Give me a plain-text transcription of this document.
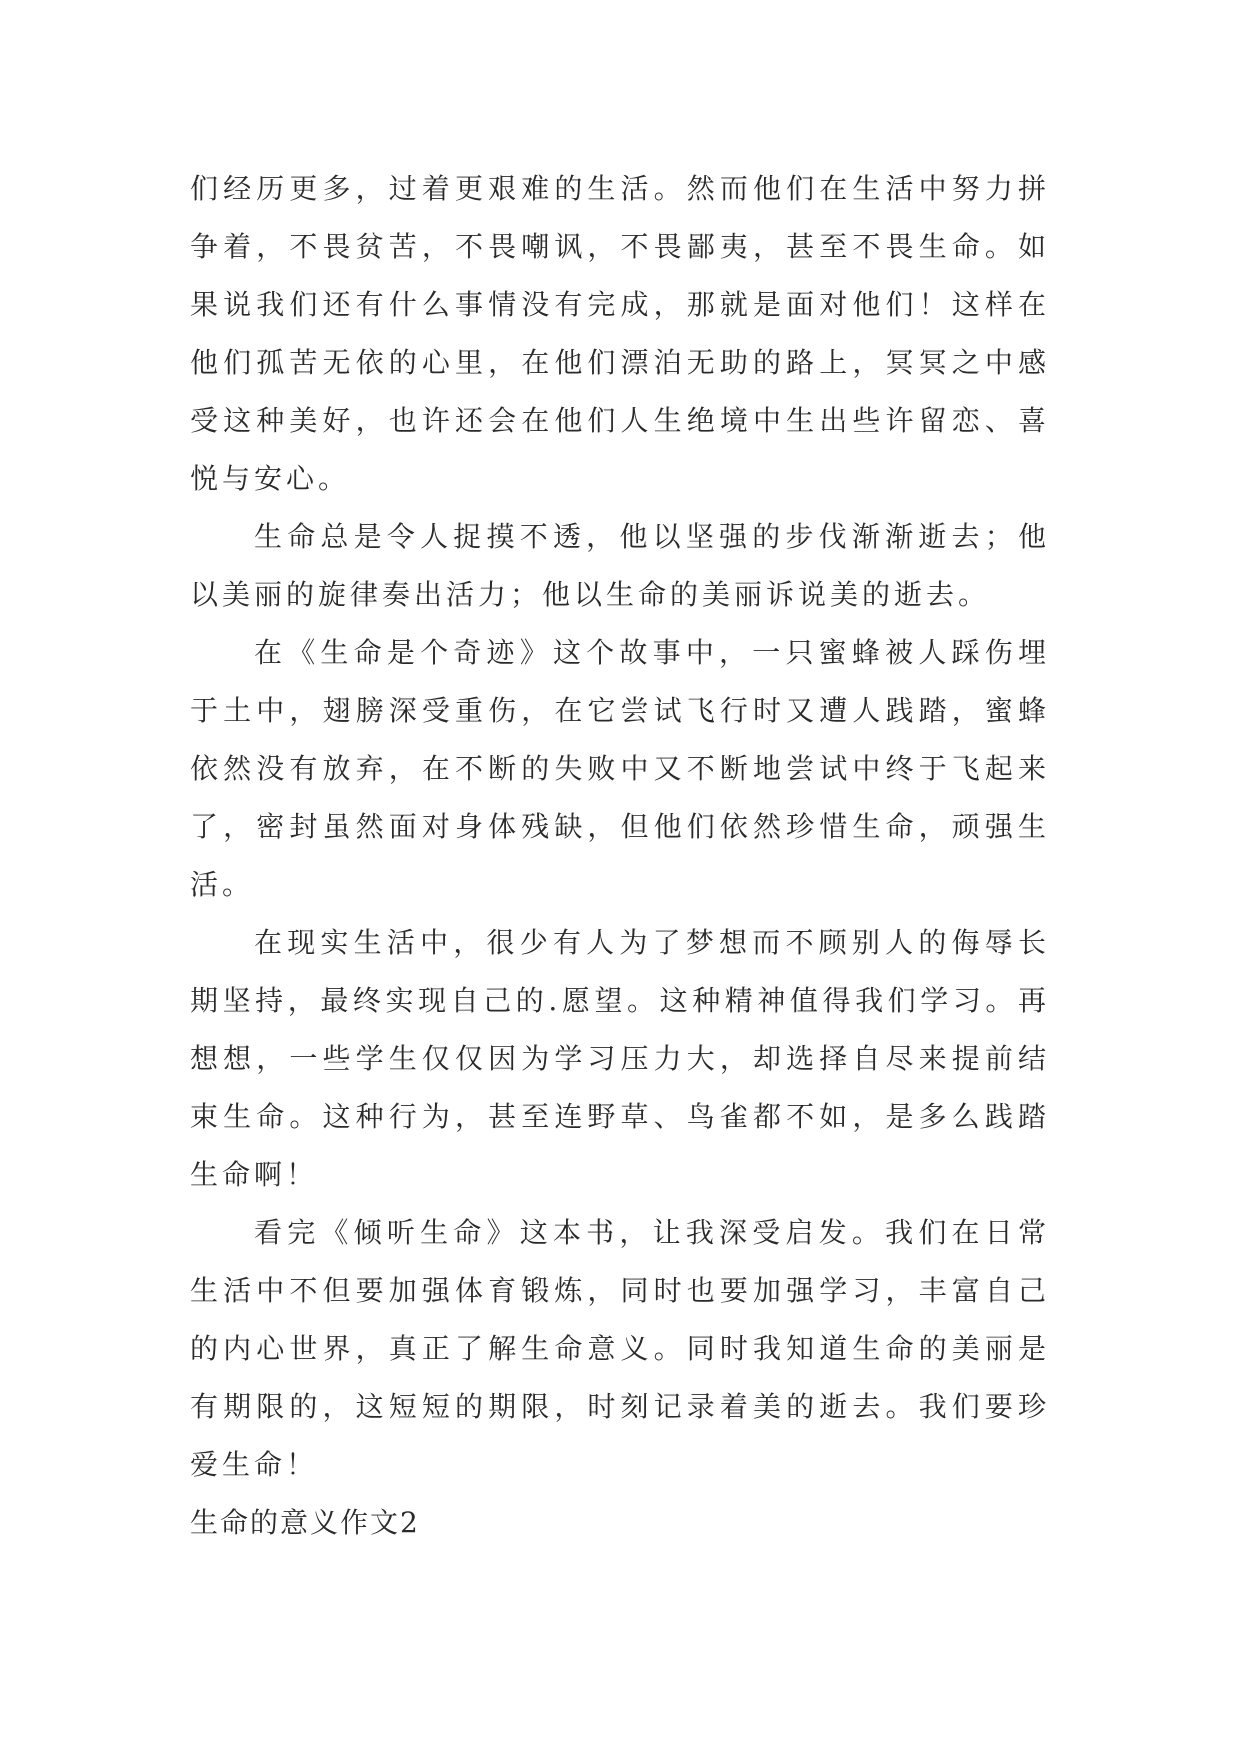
们经历更多，过着更艰难的生活。然而他们在生活中努力拼争着，不畏贫苦，不畏嘲讽，不畏鄙夷，甚至不畏生命。如果说我们还有什么事情没有完成，那就是面对他们！这样在他们孤苦无依的心里，在他们漂泊无助的路上，冥冥之中感受这种美好，也许还会在他们人生绝境中生出些许留恋、喜悦与安心。

生命总是令人捉摸不透，他以坚强的步伐渐渐逝去；他以美丽的旋律奏出活力；他以生命的美丽诉说美的逝去。

在《生命是个奇迹》这个故事中，一只蜜蜂被人踩伤埋于土中，翅膀深受重伤，在它尝试飞行时又遭人践踏，蜜蜂依然没有放弃，在不断的失败中又不断地尝试中终于飞起来了，密封虽然面对身体残缺，但他们依然珍惜生命，顽强生活。

在现实生活中，很少有人为了梦想而不顾别人的侮辱长期坚持，最终实现自己的.愿望。这种精神值得我们学习。再想想，一些学生仅仅因为学习压力大，却选择自尽来提前结束生命。这种行为，甚至连野草、鸟雀都不如，是多么践踏生命啊！

看完《倾听生命》这本书，让我深受启发。我们在日常生活中不但要加强体育锻炼，同时也要加强学习，丰富自己的内心世界，真正了解生命意义。同时我知道生命的美丽是有期限的，这短短的期限，时刻记录着美的逝去。我们要珍爱生命！

生命的意义作文2
